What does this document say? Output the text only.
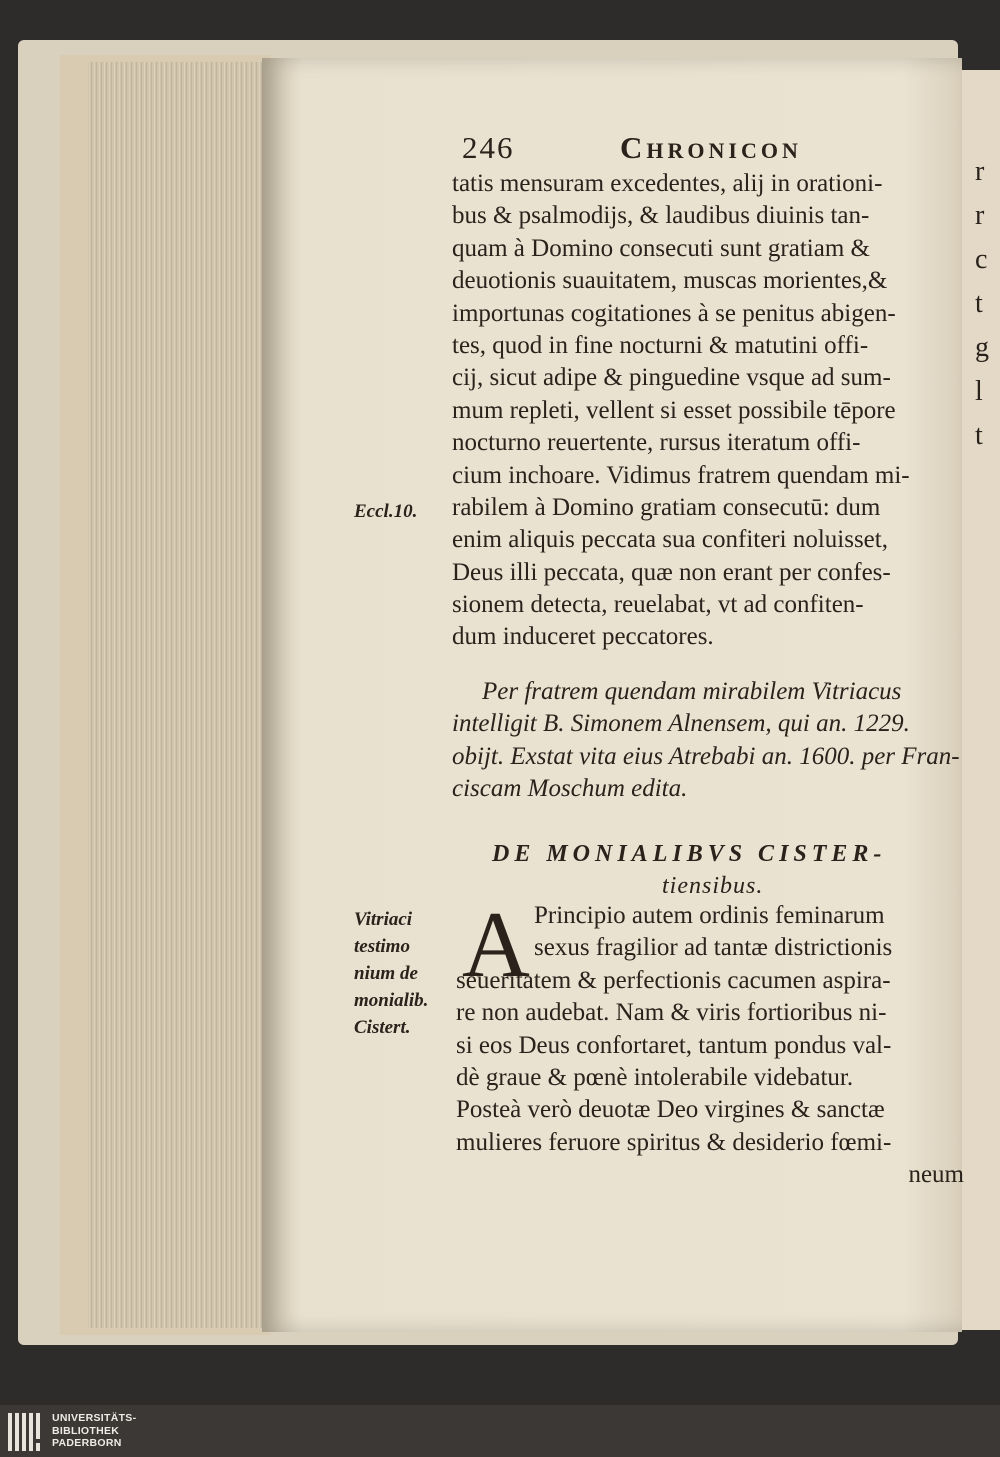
r
r
c
t
g
l
t
246	Chronicon
Eccl.10.
Vitriaci
testimo
nium de
monialib.
Cistert.
tatis mensuram excedentes, alij in orationi-
bus & psalmodijs, & laudibus diuinis tan-
quam à Domino consecuti sunt gratiam &
deuotionis suauitatem, muscas morientes,&
importunas cogitationes à se penitus abigen-
tes, quod in fine nocturni & matutini offi-
cij, sicut adipe & pinguedine vsque ad sum-
mum repleti, vellent si esset possibile tēpore
nocturno reuertente, rursus iteratum offi-
cium inchoare. Vidimus fratrem quendam mi-
rabilem à Domino gratiam consecutū: dum
enim aliquis peccata sua confiteri noluisset,
Deus illi peccata, quæ non erant per confes-
sionem detecta, reuelabat, vt ad confiten-
dum induceret peccatores.
Per fratrem quendam mirabilem Vitriacus
intelligit B. Simonem Alnensem, qui an. 1229.
obijt. Exstat vita eius Atrebabi an. 1600. per Fran-
ciscam Moschum edita.
DE MONIALIBVS CISTER-
tiensibus.
A Principio autem ordinis feminarum
sexus fragilior ad tantæ districtionis
seueritatem & perfectionis cacumen aspira-
re non audebat. Nam & viris fortioribus ni-
si eos Deus confortaret, tantum pondus val-
dè graue & pœnè intolerabile videbatur.
Posteà verò deuotæ Deo virgines & sanctæ
mulieres feruore spiritus & desiderio fœmi-
neum
UNIVERSITÄTS-
BIBLIOTHEK
PADERBORN
